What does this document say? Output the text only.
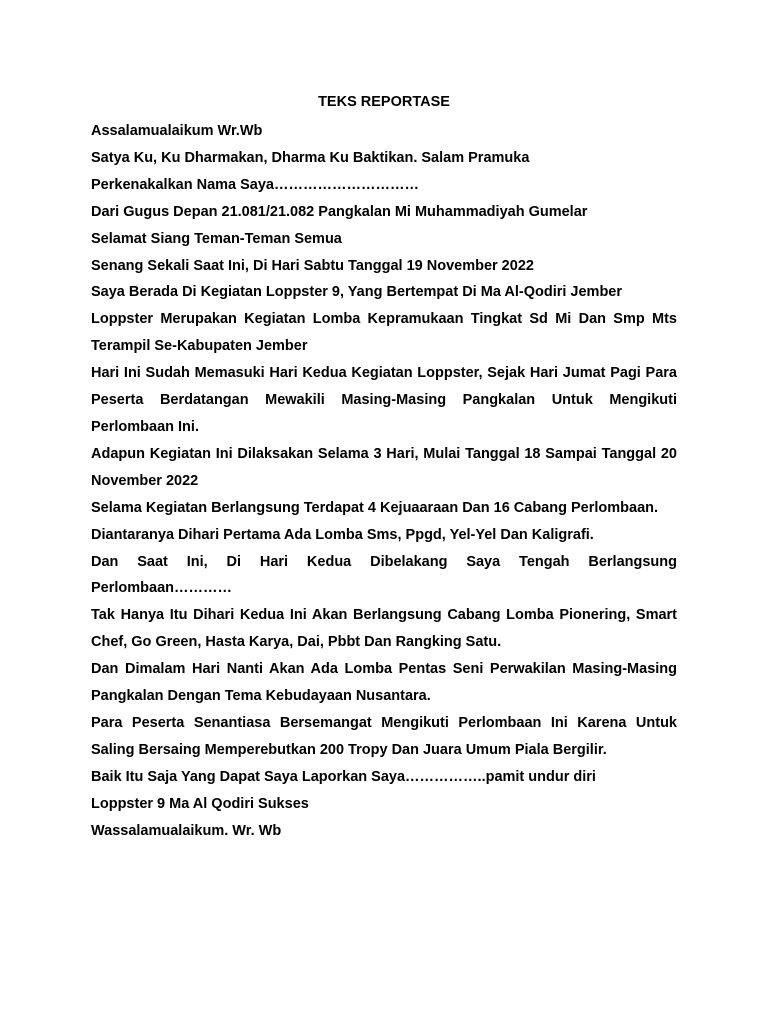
TEKS REPORTASE

Assalamualaikum Wr.Wb

Satya Ku, Ku Dharmakan, Dharma Ku Baktikan. Salam Pramuka

Perkenakalkan Nama Saya…………………………

Dari Gugus Depan 21.081/21.082 Pangkalan Mi Muhammadiyah Gumelar

Selamat Siang Teman-Teman Semua

Senang Sekali Saat Ini, Di Hari Sabtu Tanggal 19 November 2022

Saya Berada Di Kegiatan Loppster 9, Yang Bertempat Di Ma Al-Qodiri Jember

Loppster Merupakan Kegiatan Lomba Kepramukaan Tingkat Sd Mi Dan Smp Mts Terampil Se-Kabupaten Jember

Hari Ini Sudah Memasuki Hari Kedua Kegiatan Loppster, Sejak Hari Jumat Pagi Para Peserta Berdatangan Mewakili Masing-Masing Pangkalan Untuk Mengikuti Perlombaan Ini.

Adapun Kegiatan Ini Dilaksakan Selama 3 Hari, Mulai Tanggal 18 Sampai Tanggal 20 November 2022

Selama Kegiatan Berlangsung Terdapat 4 Kejuaaraan Dan 16 Cabang Perlombaan.

Diantaranya Dihari Pertama Ada Lomba Sms, Ppgd, Yel-Yel Dan Kaligrafi.

Dan Saat Ini, Di Hari Kedua Dibelakang Saya Tengah Berlangsung Perlombaan…………

Tak Hanya Itu Dihari Kedua Ini Akan Berlangsung Cabang Lomba Pionering, Smart Chef, Go Green, Hasta Karya, Dai, Pbbt Dan Rangking Satu.

Dan Dimalam Hari Nanti Akan Ada Lomba Pentas Seni Perwakilan Masing-Masing Pangkalan Dengan Tema Kebudayaan Nusantara.

Para Peserta Senantiasa Bersemangat Mengikuti Perlombaan Ini Karena Untuk Saling Bersaing Memperebutkan 200 Tropy Dan Juara Umum Piala Bergilir.

Baik Itu Saja Yang Dapat Saya Laporkan Saya……………..pamit undur diri

Loppster 9 Ma Al Qodiri Sukses

Wassalamualaikum. Wr. Wb
